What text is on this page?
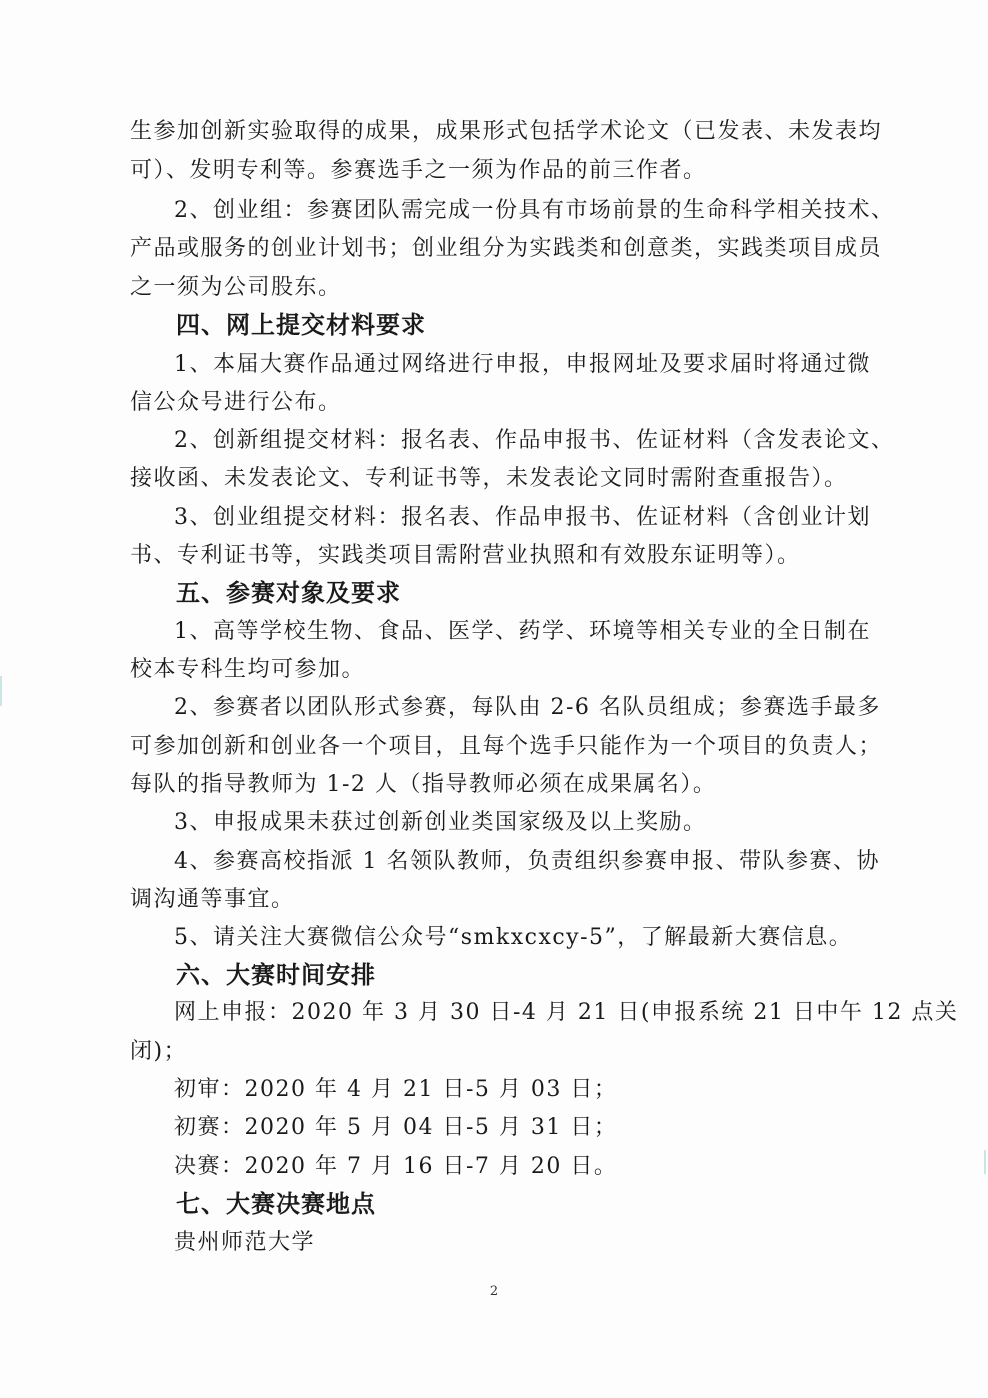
生参加创新实验取得的成果，成果形式包括学术论文（已发表、未发表均
可）、发明专利等。参赛选手之一须为作品的前三作者。
2、创业组：参赛团队需完成一份具有市场前景的生命科学相关技术、
产品或服务的创业计划书；创业组分为实践类和创意类，实践类项目成员
之一须为公司股东。
四、网上提交材料要求
1、本届大赛作品通过网络进行申报，申报网址及要求届时将通过微
信公众号进行公布。
2、创新组提交材料：报名表、作品申报书、佐证材料（含发表论文、
接收函、未发表论文、专利证书等，未发表论文同时需附查重报告）。
3、创业组提交材料：报名表、作品申报书、佐证材料（含创业计划
书、专利证书等，实践类项目需附营业执照和有效股东证明等）。
五、参赛对象及要求
1、高等学校生物、食品、医学、药学、环境等相关专业的全日制在
校本专科生均可参加。
2、参赛者以团队形式参赛，每队由 2-6 名队员组成；参赛选手最多
可参加创新和创业各一个项目，且每个选手只能作为一个项目的负责人；
每队的指导教师为 1-2 人（指导教师必须在成果属名）。
3、申报成果未获过创新创业类国家级及以上奖励。
4、参赛高校指派 1 名领队教师，负责组织参赛申报、带队参赛、协
调沟通等事宜。
5、请关注大赛微信公众号“smkxcxcy-5”，了解最新大赛信息。
六、大赛时间安排
网上申报：2020 年 3 月 30 日-4 月 21 日(申报系统 21 日中午 12 点关
闭)；
初审：2020 年 4 月 21 日-5 月 03 日；
初赛：2020 年 5 月 04 日-5 月 31 日；
决赛：2020 年 7 月 16 日-7 月 20 日。
七、大赛决赛地点
贵州师范大学
2
